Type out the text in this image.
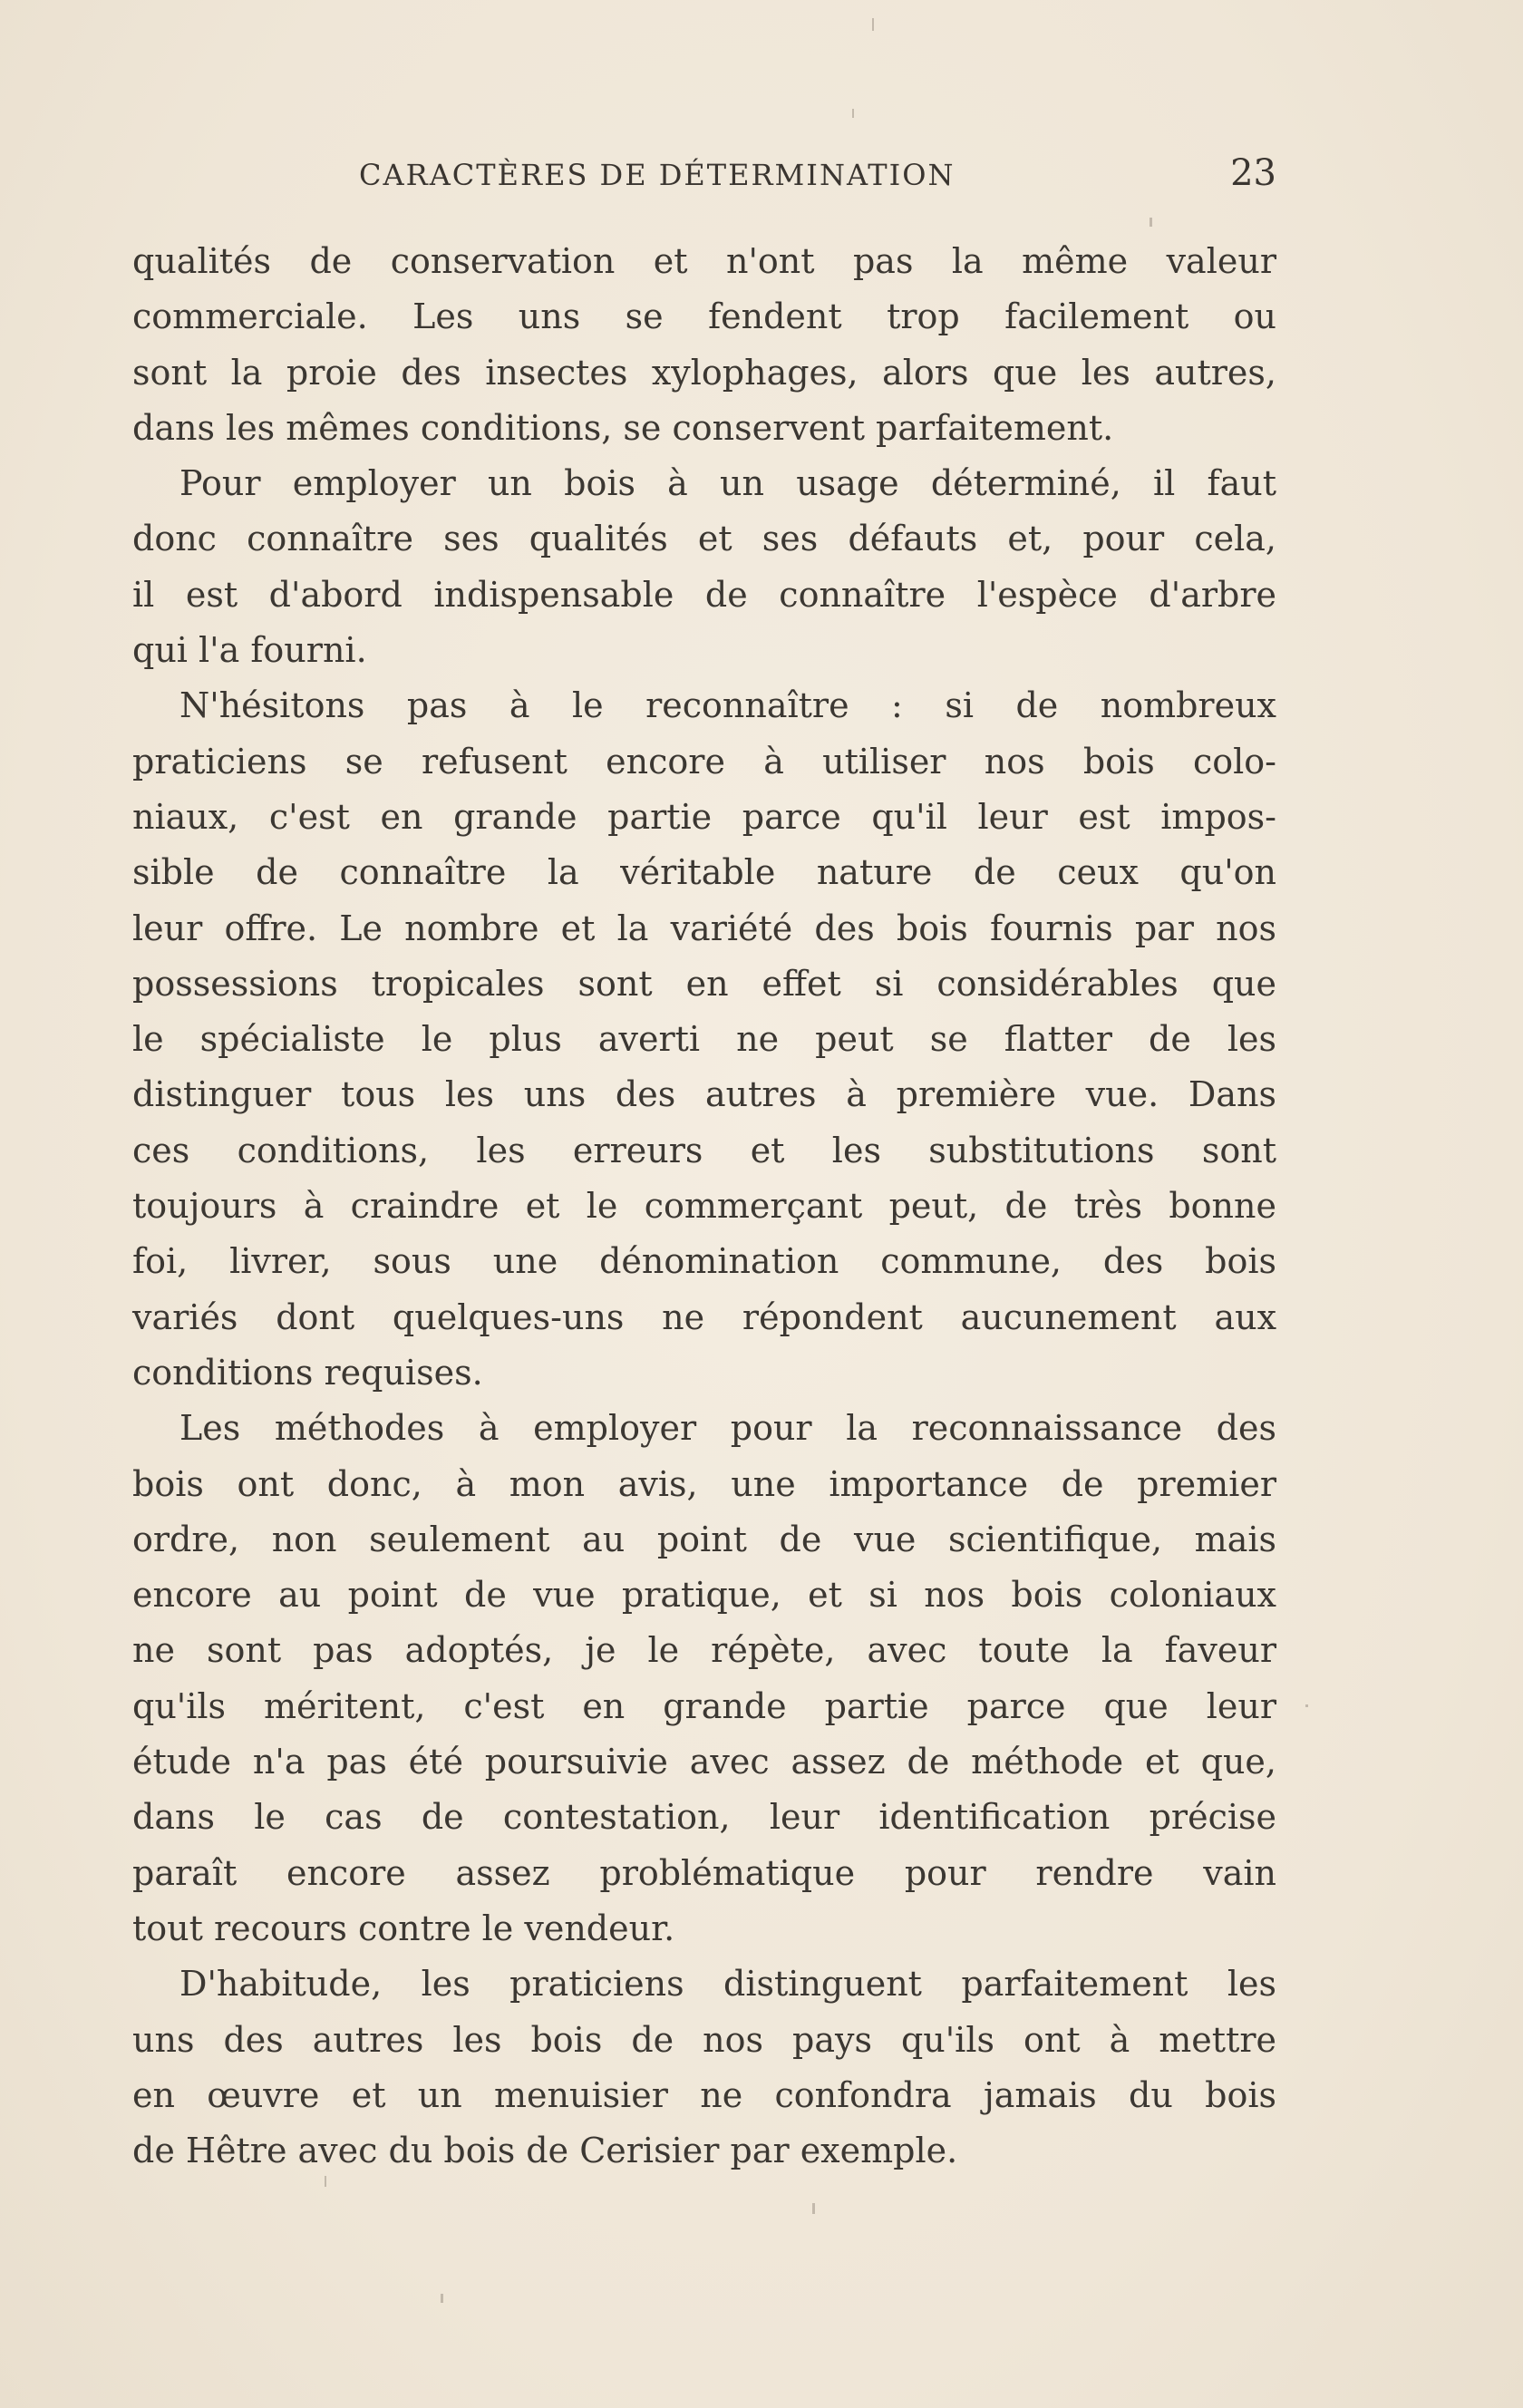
CARACTÈRES DE DÉTERMINATION	23
qualités de conservation et n'ont pas la même valeur
commerciale. Les uns se fendent trop facilement ou
sont la proie des insectes xylophages, alors que les autres,
dans les mêmes conditions, se conservent parfaitement.
Pour employer un bois à un usage déterminé, il faut
donc connaître ses qualités et ses défauts et, pour cela,
il est d'abord indispensable de connaître l'espèce d'arbre
qui l'a fourni.
N'hésitons pas à le reconnaître : si de nombreux
praticiens se refusent encore à utiliser nos bois colo-
niaux, c'est en grande partie parce qu'il leur est impos-
sible de connaître la véritable nature de ceux qu'on
leur offre. Le nombre et la variété des bois fournis par nos
possessions tropicales sont en effet si considérables que
le spécialiste le plus averti ne peut se flatter de les
distinguer tous les uns des autres à première vue. Dans
ces conditions, les erreurs et les substitutions sont
toujours à craindre et le commerçant peut, de très bonne
foi, livrer, sous une dénomination commune, des bois
variés dont quelques-uns ne répondent aucunement aux
conditions requises.
Les méthodes à employer pour la reconnaissance des
bois ont donc, à mon avis, une importance de premier
ordre, non seulement au point de vue scientifique, mais
encore au point de vue pratique, et si nos bois coloniaux
ne sont pas adoptés, je le répète, avec toute la faveur
qu'ils méritent, c'est en grande partie parce que leur
étude n'a pas été poursuivie avec assez de méthode et que,
dans le cas de contestation, leur identification précise
paraît encore assez problématique pour rendre vain
tout recours contre le vendeur.
D'habitude, les praticiens distinguent parfaitement les
uns des autres les bois de nos pays qu'ils ont à mettre
en œuvre et un menuisier ne confondra jamais du bois
de Hêtre avec du bois de Cerisier par exemple.
